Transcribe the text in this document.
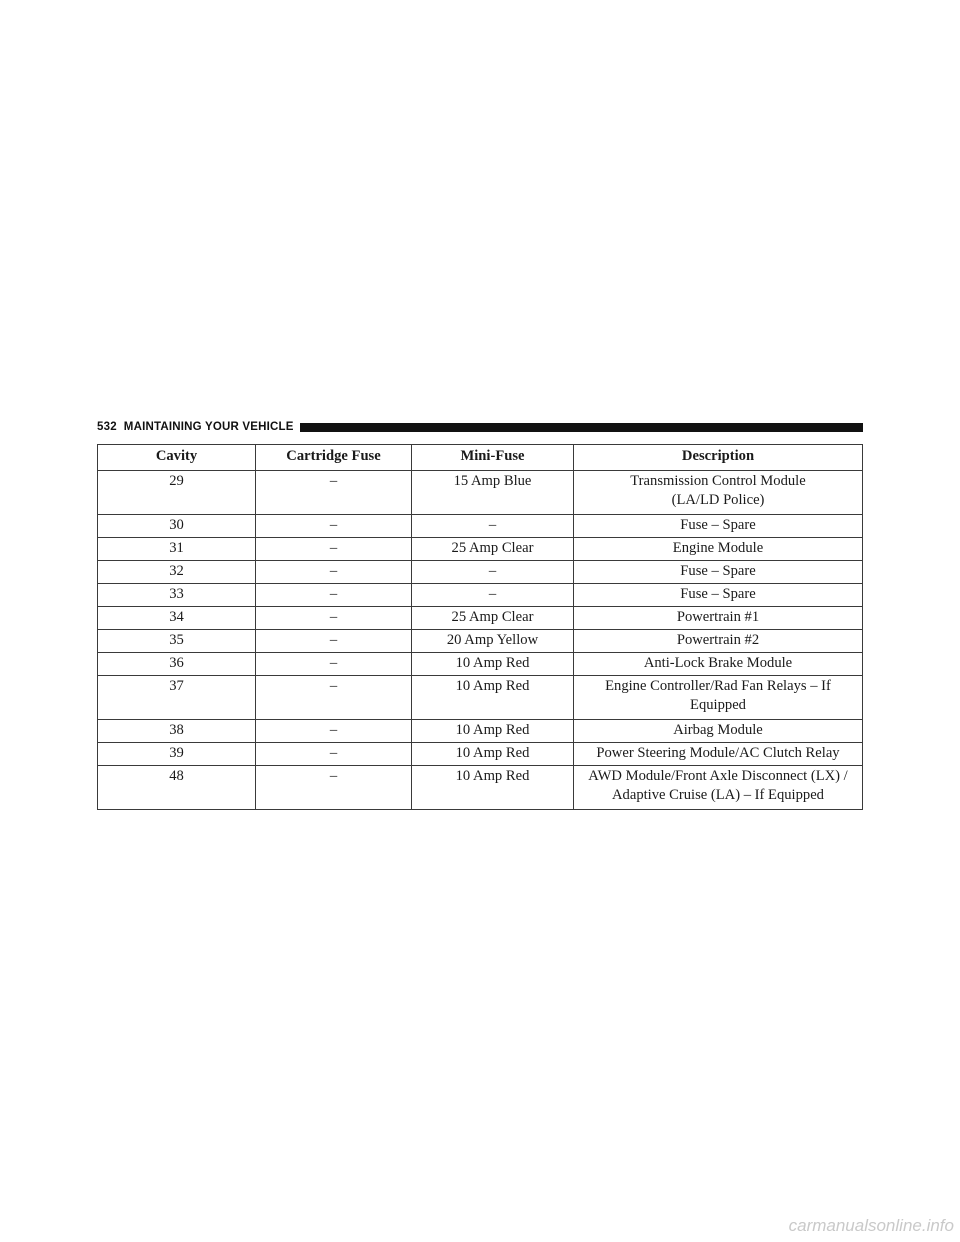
532 MAINTAINING YOUR VEHICLE
Cavity	Cartridge Fuse	Mini-Fuse	Description
29	–	15 Amp Blue	Transmission Control Module
(LA/LD Police)

30	–	–	Fuse – Spare

31	–	25 Amp Clear	Engine Module

32	–	–	Fuse – Spare

33	–	–	Fuse – Spare

34	–	25 Amp Clear	Powertrain #1

35	–	20 Amp Yellow	Powertrain #2

36	–	10 Amp Red	Anti-Lock Brake Module

37	–	10 Amp Red	Engine Controller/Rad Fan Relays – If
Equipped

38	–	10 Amp Red	Airbag Module

39	–	10 Amp Red	Power Steering Module/AC Clutch Relay

48	–	10 Amp Red	AWD Module/Front Axle Disconnect (LX) /
Adaptive Cruise (LA) – If Equipped
carmanualsonline.info
